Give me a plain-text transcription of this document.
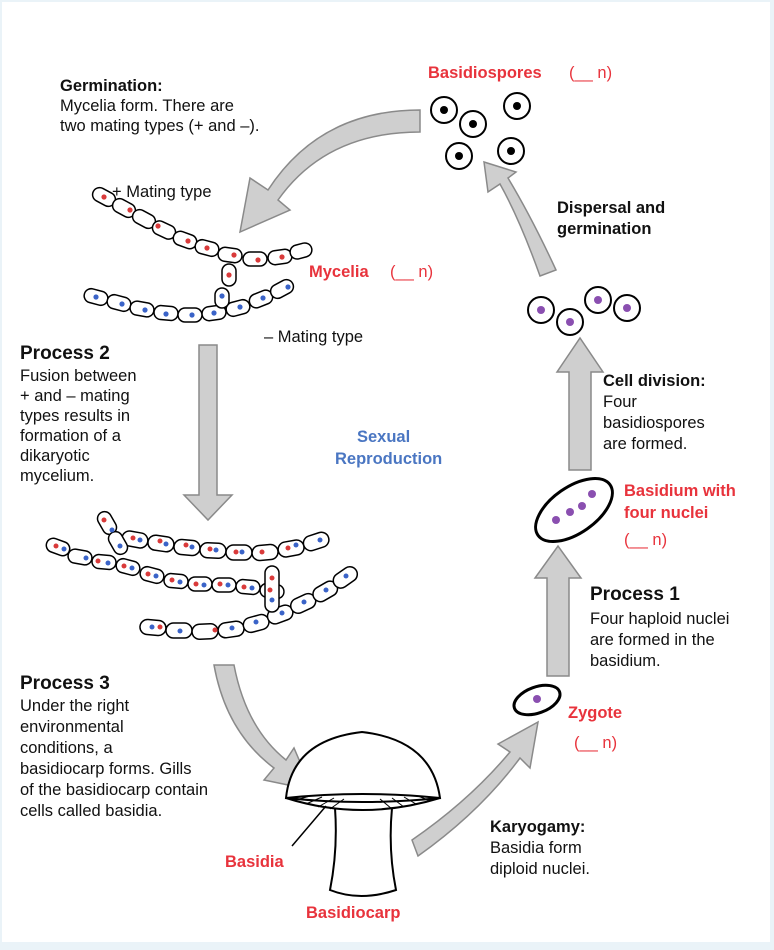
Basidiospores (__ n)
Germination:
Mycelia form. There are
two mating types (+ and –).
+ Mating type
Mycelia (__ n)
– Mating type
Process 2
Fusion between
+ and – mating
types results in
formation of a
dikaryotic
mycelium.
Sexual
Reproduction
Dispersal and
germination
Cell division:
Four
basidiospores
are formed.
Basidium with
four nuclei
(__ n)
Process 1
Four haploid nuclei
are formed in the
basidium.
Zygote
(__ n)
Process 3
Under the right
environmental
conditions, a
basidiocarp forms. Gills
of the basidiocarp contain
cells called basidia.
Karyogamy:
Basidia form
diploid nuclei.
Basidia
Basidiocarp
